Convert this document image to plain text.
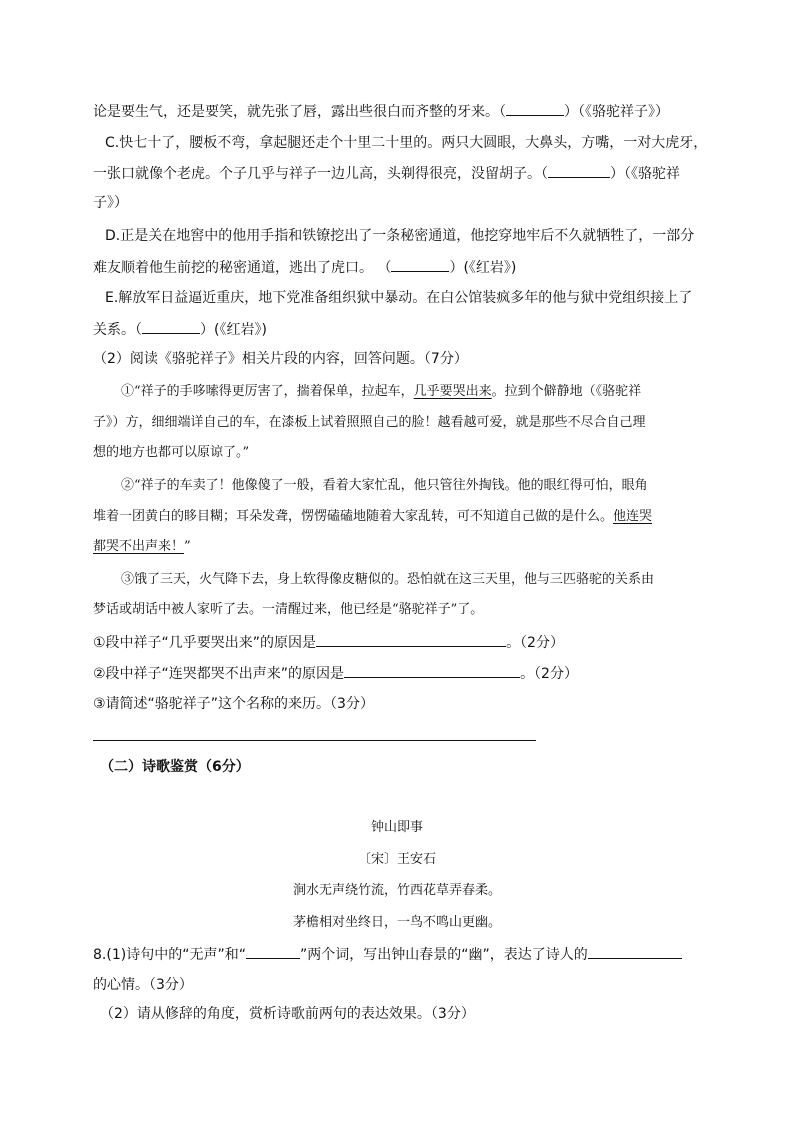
论是要生气，还是要笑，就先张了唇，露出些很白而齐整的牙来。（	）（《骆驼祥子》）
C.快七十了，腰板不弯，拿起腿还走个十里二十里的。两只大圆眼，大鼻头，方嘴，一对大虎牙，
一张口就像个老虎。个子几乎与祥子一边儿高，头剃得很亮，没留胡子。（	）（《骆驼祥
子》）
D.正是关在地窖中的他用手指和铁镣挖出了一条秘密通道，他挖穿地牢后不久就牺牲了，一部分
难友顺着他生前挖的秘密通道，逃出了虎口。 （	）(《红岩》)
E.解放军日益逼近重庆，地下党准备组织狱中暴动。在白公馆装疯多年的他与狱中党组织接上了
关系。（	）(《红岩》)
（2）阅读《骆驼祥子》相关片段的内容，回答问题。（7分）
①“祥子的手哆嗦得更厉害了，揣着保单，拉起车，几乎要哭出来。拉到个僻静地（《骆驼祥
子》）方，细细端详自己的车，在漆板上试着照照自己的脸！越看越可爱，就是那些不尽合自己理
想的地方也都可以原谅了。”
②“祥子的车卖了！他像傻了一般，看着大家忙乱，他只管往外掏钱。他的眼红得可怕，眼角
堆着一团黄白的眵目糊；耳朵发聋，愣愣磕磕地随着大家乱转，可不知道自己做的是什么。他连哭
都哭不出声来！”
③饿了三天，火气降下去，身上软得像皮糖似的。恐怕就在这三天里，他与三匹骆驼的关系由
梦话或胡话中被人家听了去。一清醒过来，他已经是“骆驼祥子”了。
①段中祥子“几乎要哭出来”的原因是	。（2分）
②段中祥子“连哭都哭不出声来”的原因是	。（2分）
③请简述“骆驼祥子”这个名称的来历。（3分）
（二）诗歌鉴赏（6分）
钟山即事
〔宋〕王安石
涧水无声绕竹流，竹西花草弄春柔。
茅檐相对坐终日，一鸟不鸣山更幽。
8.(1)诗句中的“无声”和“	”两个词，写出钟山春景的“幽”，表达了诗人的
的心情。（3分）
（2）请从修辞的角度，赏析诗歌前两句的表达效果。（3分）
